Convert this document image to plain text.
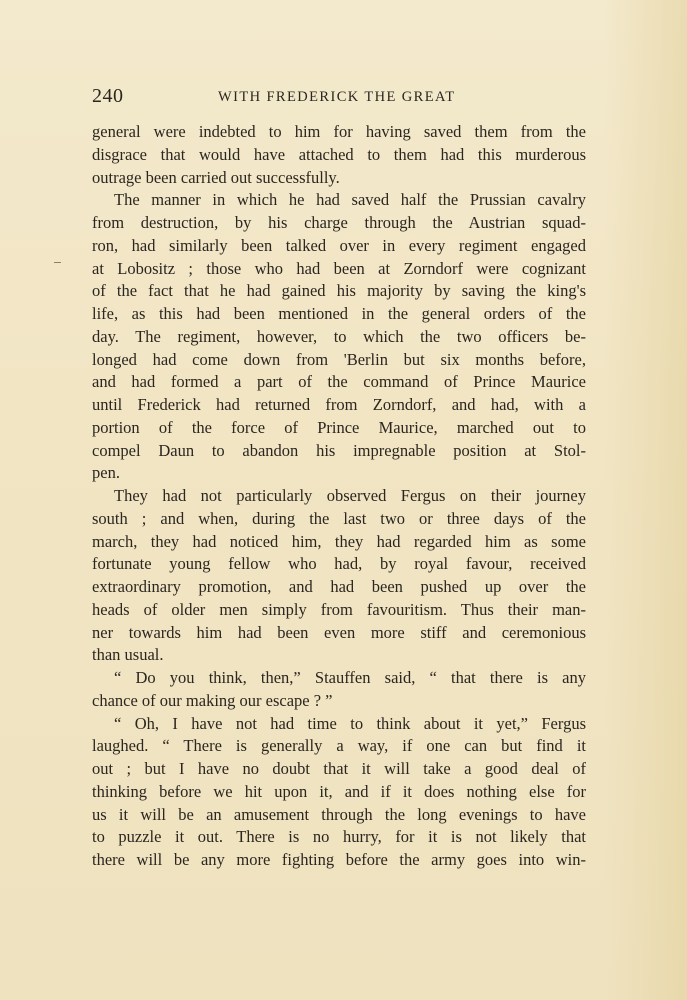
240	WITH FREDERICK THE GREAT
general were indebted to him for having saved them from the
disgrace that would have attached to them had this murderous
outrage been carried out successfully.
The manner in which he had saved half the Prussian cavalry
from destruction, by his charge through the Austrian squad-
ron, had similarly been talked over in every regiment engaged
at Lobositz ; those who had been at Zorndorf were cognizant
of the fact that he had gained his majority by saving the king's
life, as this had been mentioned in the general orders of the
day. The regiment, however, to which the two officers be-
longed had come down from 'Berlin but six months before,
and had formed a part of the command of Prince Maurice
until Frederick had returned from Zorndorf, and had, with a
portion of the force of Prince Maurice, marched out to
compel Daun to abandon his impregnable position at Stol-
pen.
They had not particularly observed Fergus on their journey
south ; and when, during the last two or three days of the
march, they had noticed him, they had regarded him as some
fortunate young fellow who had, by royal favour, received
extraordinary promotion, and had been pushed up over the
heads of older men simply from favouritism. Thus their man-
ner towards him had been even more stiff and ceremonious
than usual.
“ Do you think, then,” Stauffen said, “ that there is any
chance of our making our escape ? ”
“ Oh, I have not had time to think about it yet,” Fergus
laughed. “ There is generally a way, if one can but find it
out ; but I have no doubt that it will take a good deal of
thinking before we hit upon it, and if it does nothing else for
us it will be an amusement through the long evenings to have
to puzzle it out. There is no hurry, for it is not likely that
there will be any more fighting before the army goes into win-
